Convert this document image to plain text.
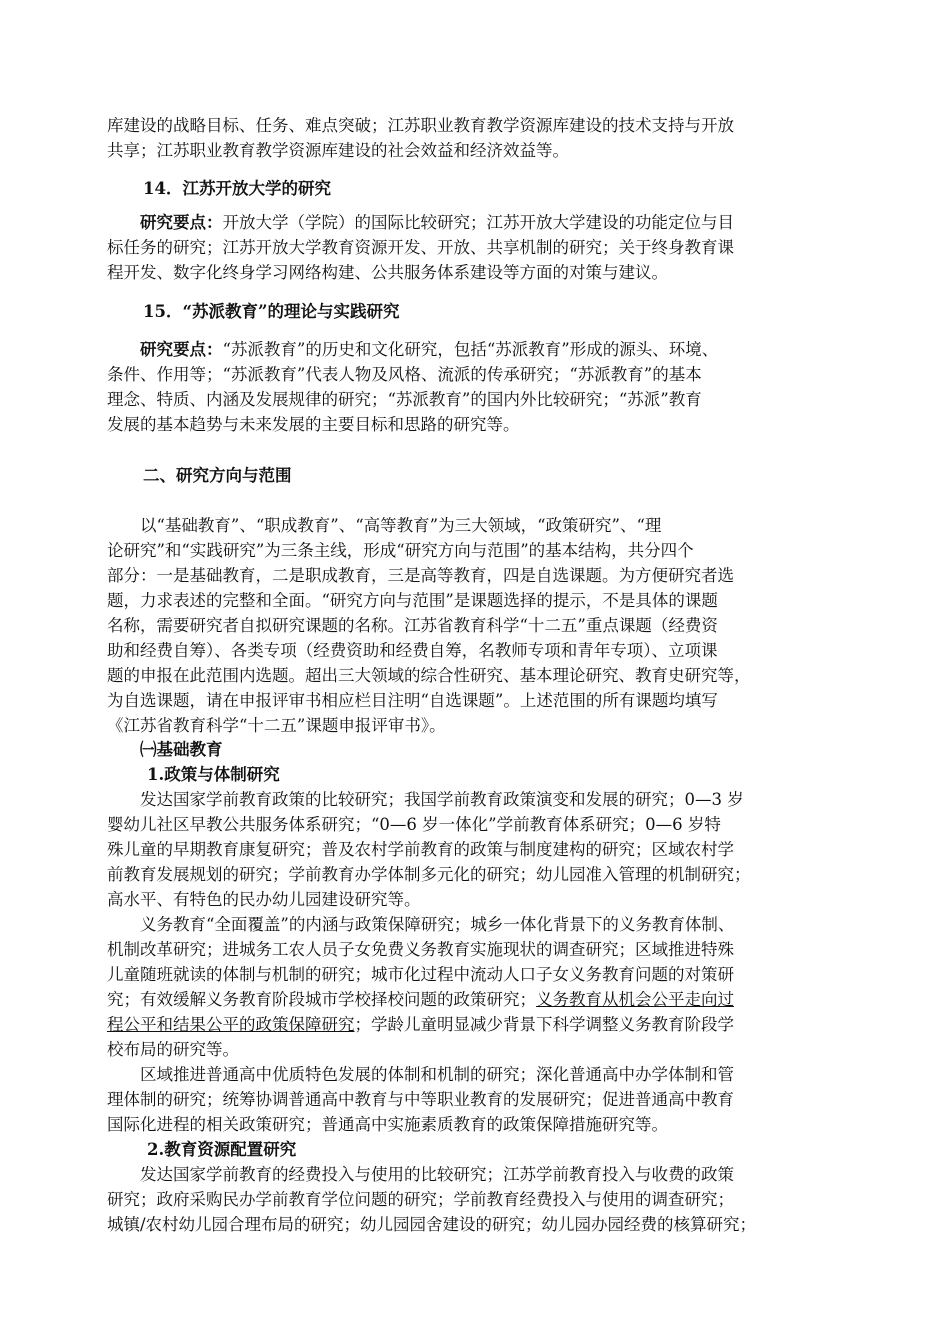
库建设的战略目标、任务、难点突破；江苏职业教育教学资源库建设的技术支持与开放
共享；江苏职业教育教学资源库建设的社会效益和经济效益等。
14．江苏开放大学的研究
　　研究要点：开放大学（学院）的国际比较研究；江苏开放大学建设的功能定位与目
标任务的研究；江苏开放大学教育资源开发、开放、共享机制的研究；关于终身教育课
程开发、数字化终身学习网络构建、公共服务体系建设等方面的对策与建议。
15．“苏派教育”的理论与实践研究
　　研究要点：“苏派教育”的历史和文化研究，包括“苏派教育”形成的源头、环境、
条件、作用等；“苏派教育”代表人物及风格、流派的传承研究；“苏派教育”的基本
理念、特质、内涵及发展规律的研究；“苏派教育”的国内外比较研究；“苏派”教育
发展的基本趋势与未来发展的主要目标和思路的研究等。
二、研究方向与范围
　　以“基础教育”、“职成教育”、“高等教育”为三大领域，“政策研究”、“理
论研究”和“实践研究”为三条主线，形成“研究方向与范围”的基本结构，共分四个
部分：一是基础教育，二是职成教育，三是高等教育，四是自选课题。为方便研究者选
题，力求表述的完整和全面。“研究方向与范围”是课题选择的提示，不是具体的课题
名称，需要研究者自拟研究课题的名称。江苏省教育科学“十二五”重点课题（经费资
助和经费自筹）、各类专项（经费资助和经费自筹，名教师专项和青年专项）、立项课
题的申报在此范围内选题。超出三大领域的综合性研究、基本理论研究、教育史研究等，
为自选课题，请在申报评审书相应栏目注明“自选课题”。上述范围的所有课题均填写
《江苏省教育科学“十二五”课题申报评审书》。
㈠基础教育
1.政策与体制研究
　　发达国家学前教育政策的比较研究；我国学前教育政策演变和发展的研究；0—3 岁
婴幼儿社区早教公共服务体系研究；“0—6 岁一体化”学前教育体系研究；0—6 岁特
殊儿童的早期教育康复研究；普及农村学前教育的政策与制度建构的研究；区域农村学
前教育发展规划的研究；学前教育办学体制多元化的研究；幼儿园准入管理的机制研究；
高水平、有特色的民办幼儿园建设研究等。
　　义务教育“全面覆盖”的内涵与政策保障研究；城乡一体化背景下的义务教育体制、
机制改革研究；进城务工农人员子女免费义务教育实施现状的调查研究；区域推进特殊
儿童随班就读的体制与机制的研究；城市化过程中流动人口子女义务教育问题的对策研
究；有效缓解义务教育阶段城市学校择校问题的政策研究；义务教育从机会公平走向过
程公平和结果公平的政策保障研究；学龄儿童明显减少背景下科学调整义务教育阶段学
校布局的研究等。
　　区域推进普通高中优质特色发展的体制和机制的研究；深化普通高中办学体制和管
理体制的研究；统筹协调普通高中教育与中等职业教育的发展研究；促进普通高中教育
国际化进程的相关政策研究；普通高中实施素质教育的政策保障措施研究等。
2.教育资源配置研究
　　发达国家学前教育的经费投入与使用的比较研究；江苏学前教育投入与收费的政策
研究；政府采购民办学前教育学位问题的研究；学前教育经费投入与使用的调查研究；
城镇/农村幼儿园合理布局的研究；幼儿园园舍建设的研究；幼儿园办园经费的核算研究；
